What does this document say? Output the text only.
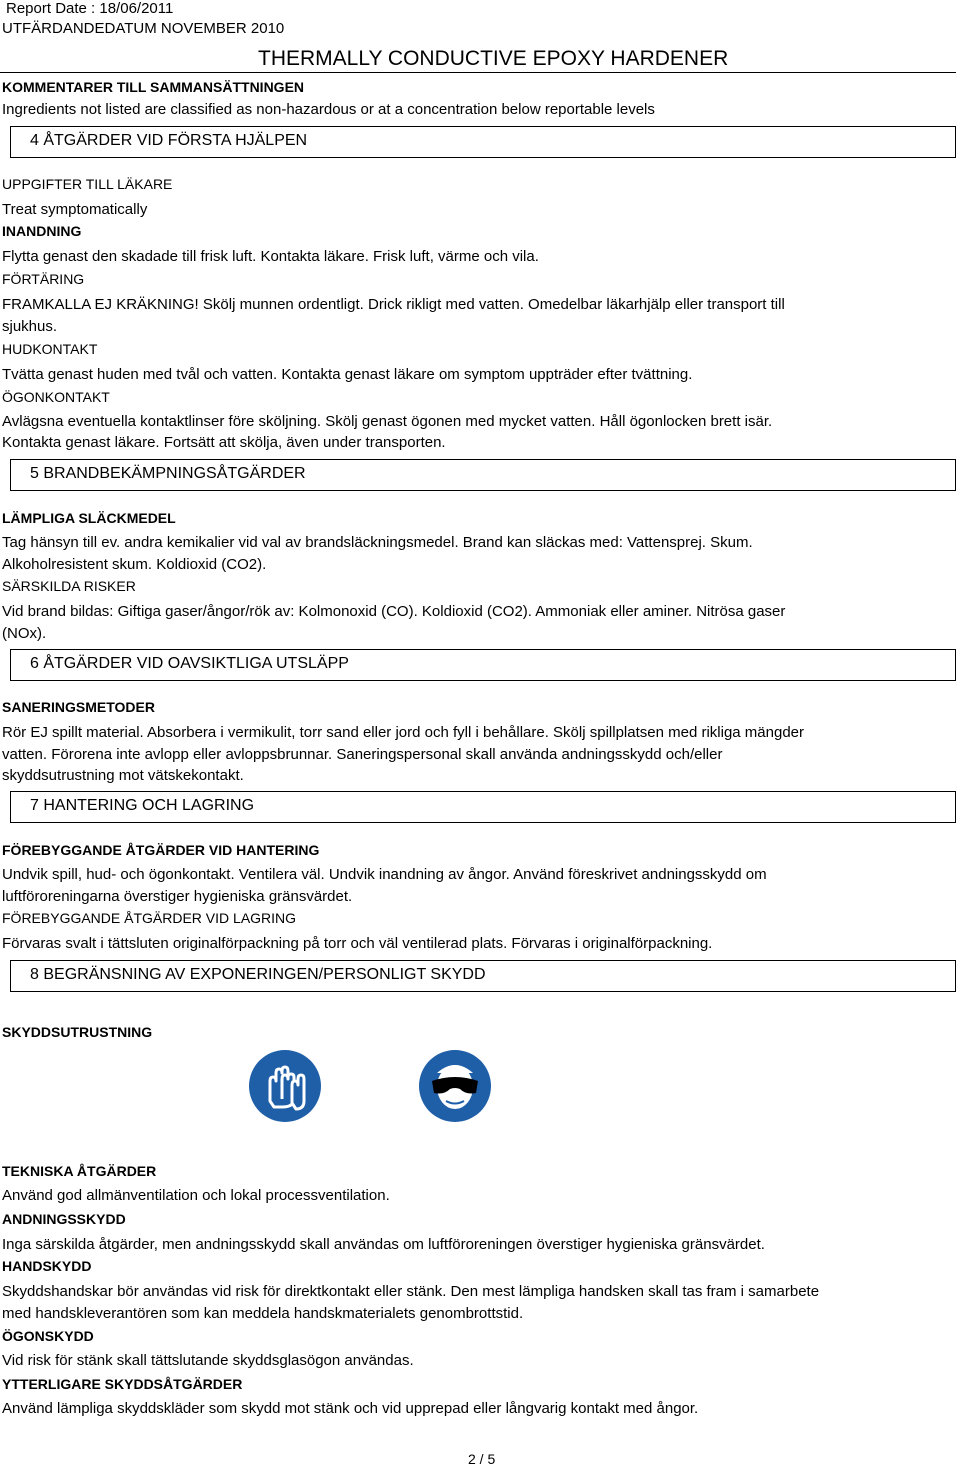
Report Date : 18/06/2011
UTFÄRDANDEDATUM NOVEMBER 2010
THERMALLY CONDUCTIVE EPOXY HARDENER
KOMMENTARER TILL SAMMANSÄTTNINGEN
Ingredients not listed are classified as non-hazardous or at a concentration below reportable levels
4 ÅTGÄRDER VID FÖRSTA HJÄLPEN
UPPGIFTER TILL LÄKARE
Treat symptomatically
INANDNING
Flytta genast den skadade till frisk luft. Kontakta läkare. Frisk luft, värme och vila.
FÖRTÄRING
FRAMKALLA EJ KRÄKNING! Skölj munnen ordentligt. Drick rikligt med vatten. Omedelbar läkarhjälp eller transport till
sjukhus.
HUDKONTAKT
Tvätta genast huden med tvål och vatten. Kontakta genast läkare om symptom uppträder efter tvättning.
ÖGONKONTAKT
Avlägsna eventuella kontaktlinser före sköljning. Skölj genast ögonen med mycket vatten. Håll ögonlocken brett isär.
Kontakta genast läkare. Fortsätt att skölja, även under transporten.
5 BRANDBEKÄMPNINGSÅTGÄRDER
LÄMPLIGA SLÄCKMEDEL
Tag hänsyn till ev. andra kemikalier vid val av brandsläckningsmedel. Brand kan släckas med: Vattensprej. Skum.
Alkoholresistent skum. Koldioxid (CO2).
SÄRSKILDA RISKER
Vid brand bildas: Giftiga gaser/ångor/rök av: Kolmonoxid (CO). Koldioxid (CO2). Ammoniak eller aminer. Nitrösa gaser
(NOx).
6 ÅTGÄRDER VID OAVSIKTLIGA UTSLÄPP
SANERINGSMETODER
Rör EJ spillt material. Absorbera i vermikulit, torr sand eller jord och fyll i behållare. Skölj spillplatsen med rikliga mängder
vatten. Förorena inte avlopp eller avloppsbrunnar. Saneringspersonal skall använda andningsskydd och/eller
skyddsutrustning mot vätskekontakt.
7 HANTERING OCH LAGRING
FÖREBYGGANDE ÅTGÄRDER VID HANTERING
Undvik spill, hud- och ögonkontakt. Ventilera väl. Undvik inandning av ångor. Använd föreskrivet andningsskydd om
luftföroreningarna överstiger hygieniska gränsvärdet.
FÖREBYGGANDE ÅTGÄRDER VID LAGRING
Förvaras svalt i tättsluten originalförpackning på torr och väl ventilerad plats. Förvaras i originalförpackning.
8 BEGRÄNSNING AV EXPONERINGEN/PERSONLIGT SKYDD
SKYDDSUTRUSTNING
TEKNISKA ÅTGÄRDER
Använd god allmänventilation och lokal processventilation.
ANDNINGSSKYDD
Inga särskilda åtgärder, men andningsskydd skall användas om luftföroreningen överstiger hygieniska gränsvärdet.
HANDSKYDD
Skyddshandskar bör användas vid risk för direktkontakt eller stänk. Den mest lämpliga handsken skall tas fram i samarbete
med handskleverantören som kan meddela handskmaterialets genombrottstid.
ÖGONSKYDD
Vid risk för stänk skall tättslutande skyddsglasögon användas.
YTTERLIGARE SKYDDSÅTGÄRDER
Använd lämpliga skyddskläder som skydd mot stänk och vid upprepad eller långvarig kontakt med ångor.
2 / 5
